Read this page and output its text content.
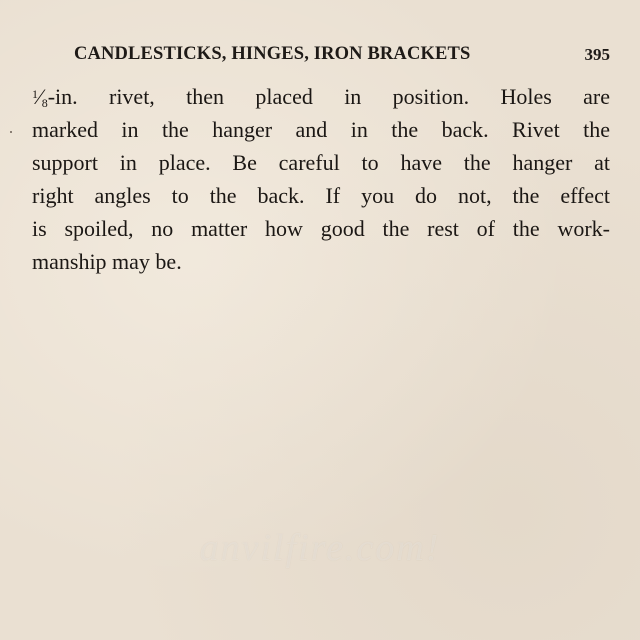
CANDLESTICKS, HINGES, IRON BRACKETS	395
$^1⁄_8-in$. rivet, then placed in position. Holes are
marked in the hanger and in the back. Rivet the
support in place. Be careful to have the hanger at
right angles to the back. If you do not, the effect
is spoiled, no matter how good the rest of the work-
manship may be.
anvilfire.com!
